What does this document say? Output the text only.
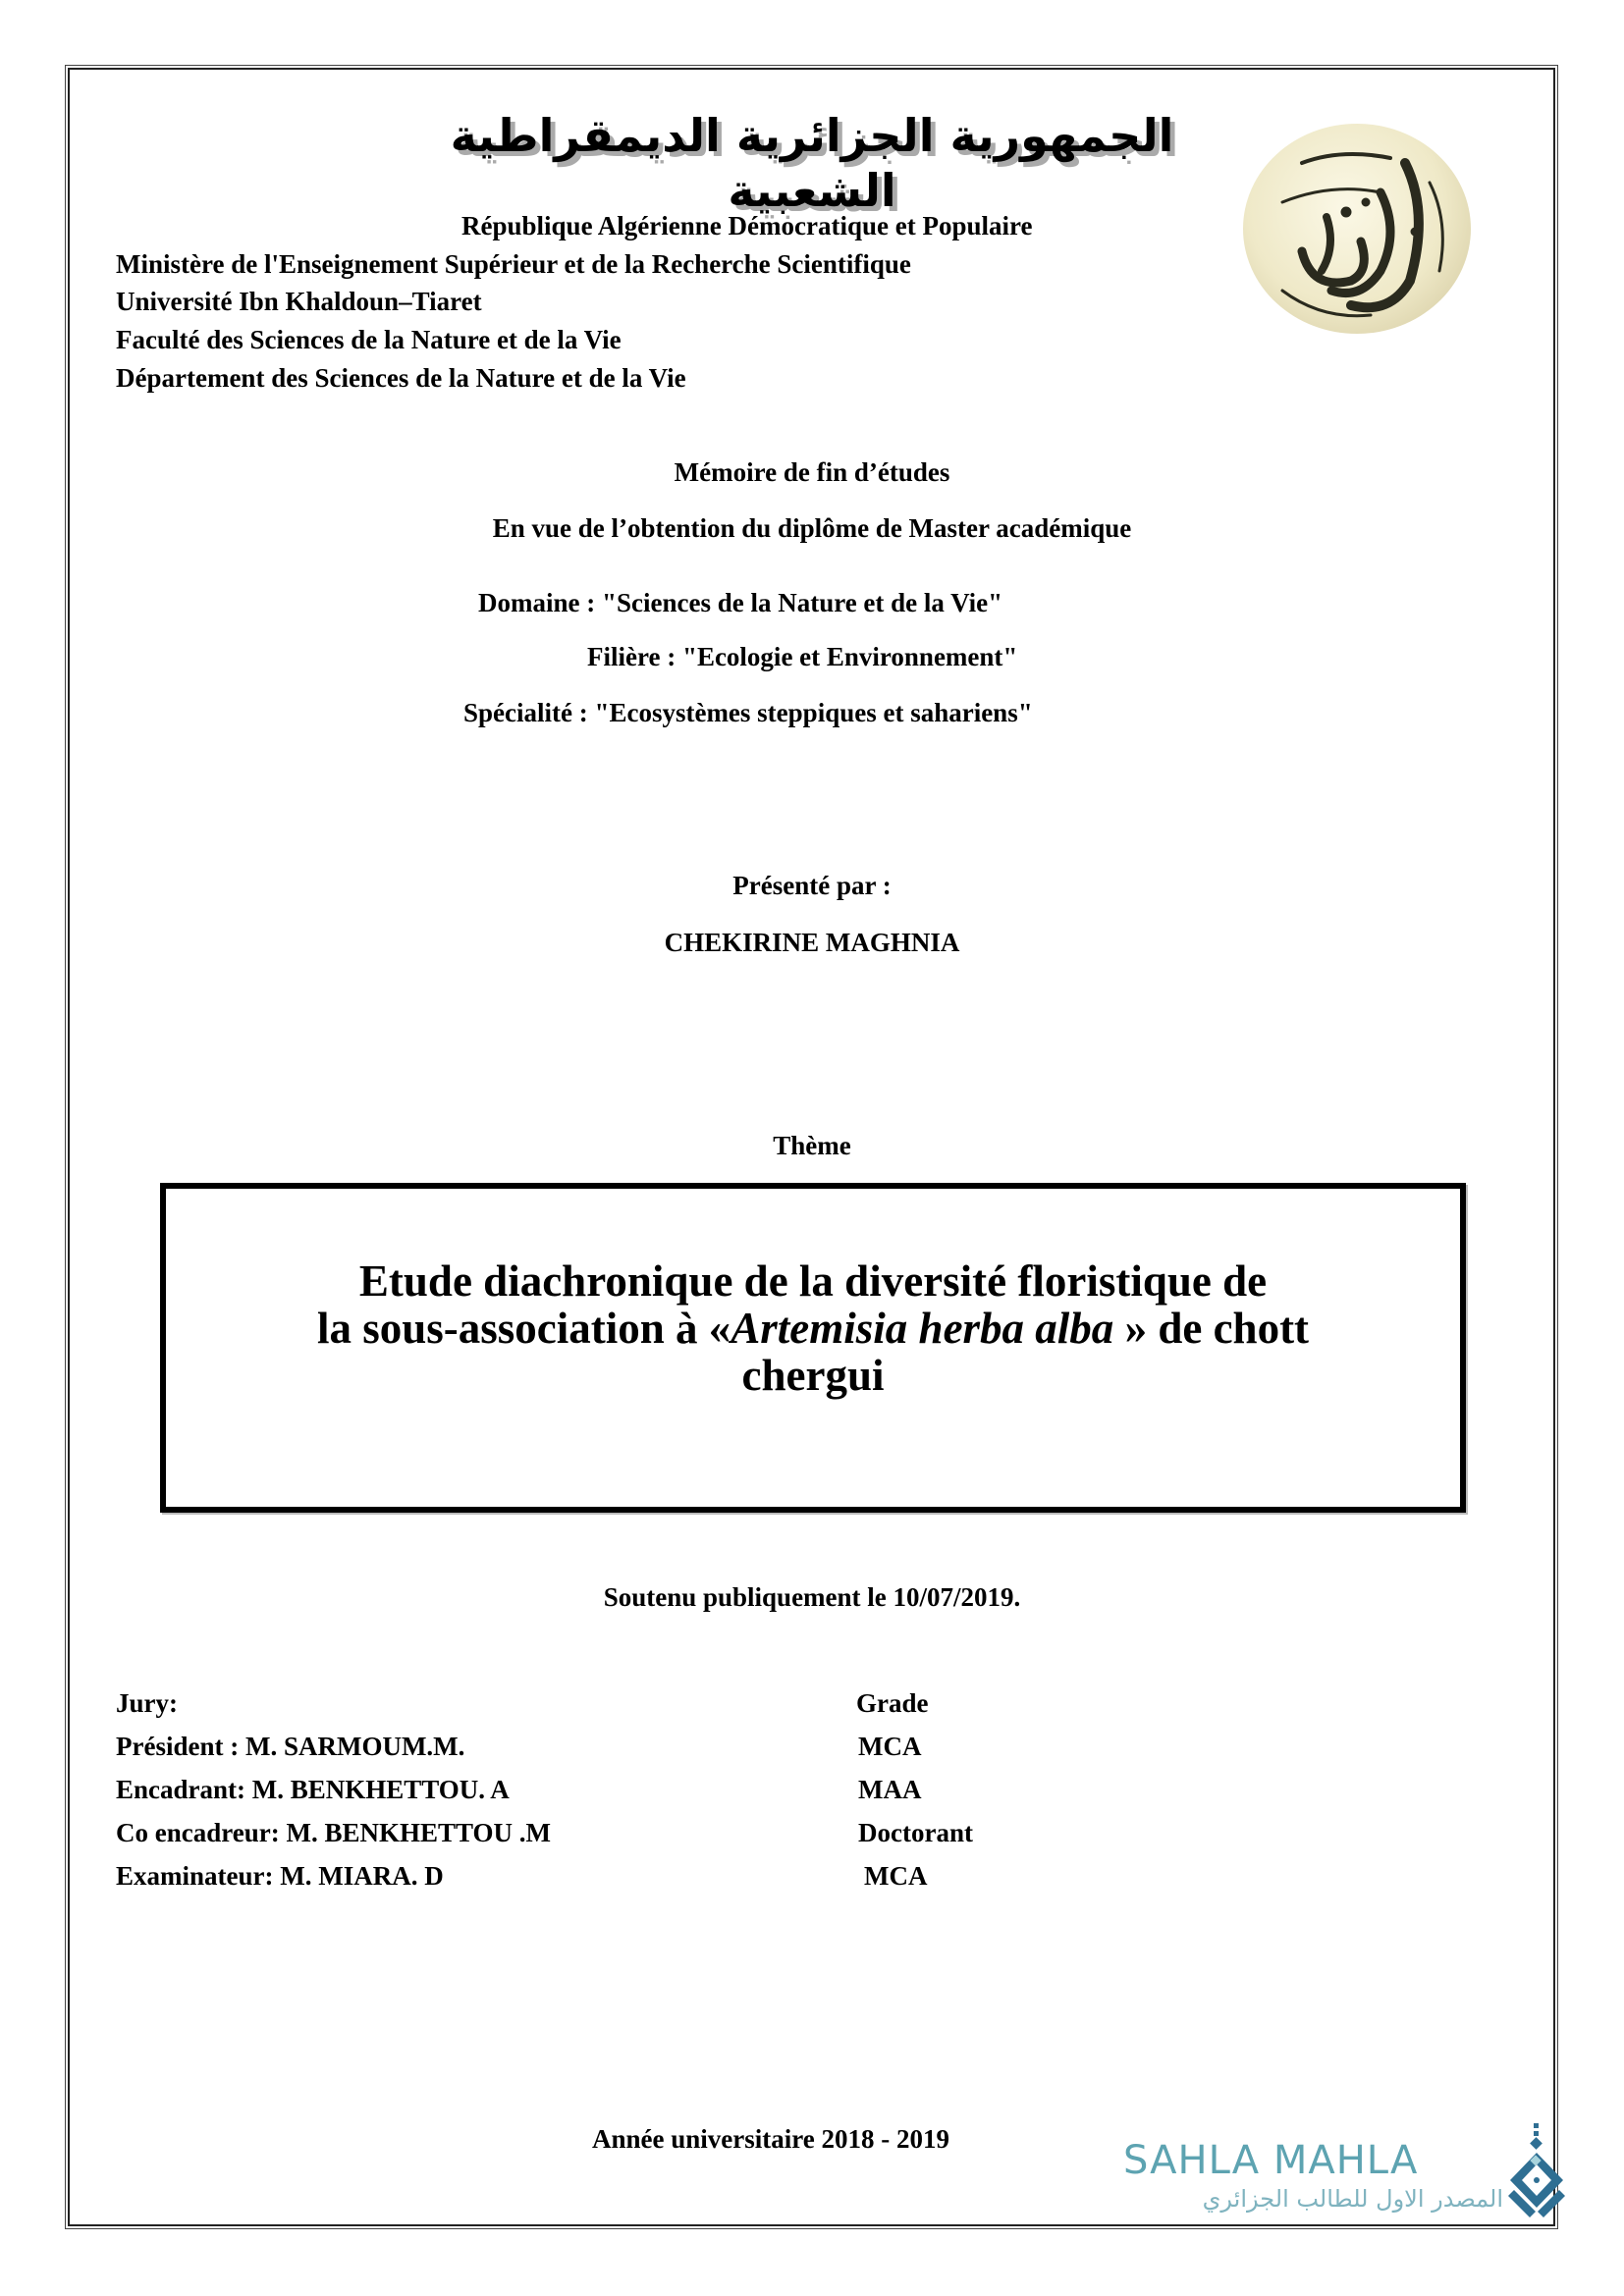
الجمهورية الجزائرية الديمقراطية الشعبية
République Algérienne Démocratique et Populaire
Ministère de l'Enseignement Supérieur et de la Recherche Scientifique
Université Ibn Khaldoun–Tiaret
Faculté des Sciences de la Nature et de la Vie
Département des Sciences de la Nature et de la Vie
Mémoire de fin d’études
En vue de l’obtention du diplôme de Master académique
Domaine : "Sciences de la Nature et de la Vie"
Filière : "Ecologie et Environnement"
Spécialité : "Ecosystèmes steppiques et sahariens"
Présenté par :
CHEKIRINE MAGHNIA
Thème
Etude diachronique de la diversité floristique de
la sous-association à «Artemisia herba alba » de chott
chergui
Soutenu publiquement le 10/07/2019.
Jury:	Grade
Président : M. SARMOUM.M.	MCA
Encadrant: M. BENKHETTOU. A	MAA
Co encadreur: M. BENKHETTOU .M	Doctorant
Examinateur: M. MIARA. D	MCA
Année universitaire 2018 - 2019	SAHLA MAHLA
المصدر الاول للطالب الجزائري
